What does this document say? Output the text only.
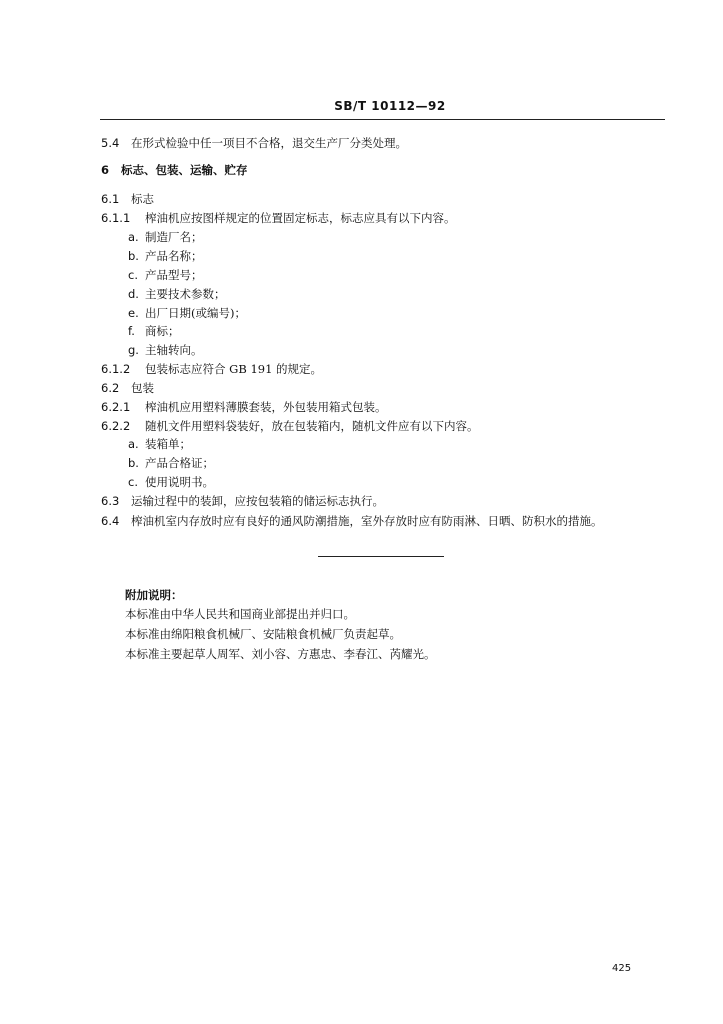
SB/T 10112—92
5.4 在形式检验中任一项目不合格，退交生产厂分类处理。
6 标志、包装、运输、贮存
6.1 标志
6.1.1 榨油机应按图样规定的位置固定标志，标志应具有以下内容。
a. 制造厂名；
b. 产品名称；
c. 产品型号；
d. 主要技术参数；
e. 出厂日期(或编号)；
f. 商标；
g. 主轴转向。
6.1.2 包装标志应符合 GB 191 的规定。
6.2 包装
6.2.1 榨油机应用塑料薄膜套装，外包装用箱式包装。
6.2.2 随机文件用塑料袋装好，放在包装箱内，随机文件应有以下内容。
a. 装箱单；
b. 产品合格证；
c. 使用说明书。
6.3 运输过程中的装卸，应按包装箱的储运标志执行。
6.4 榨油机室内存放时应有良好的通风防潮措施，室外存放时应有防雨淋、日晒、防积水的措施。
附加说明：
本标准由中华人民共和国商业部提出并归口。
本标准由绵阳粮食机械厂、安陆粮食机械厂负责起草。
本标准主要起草人周军、刘小容、方惠忠、李春江、芮耀光。
425
